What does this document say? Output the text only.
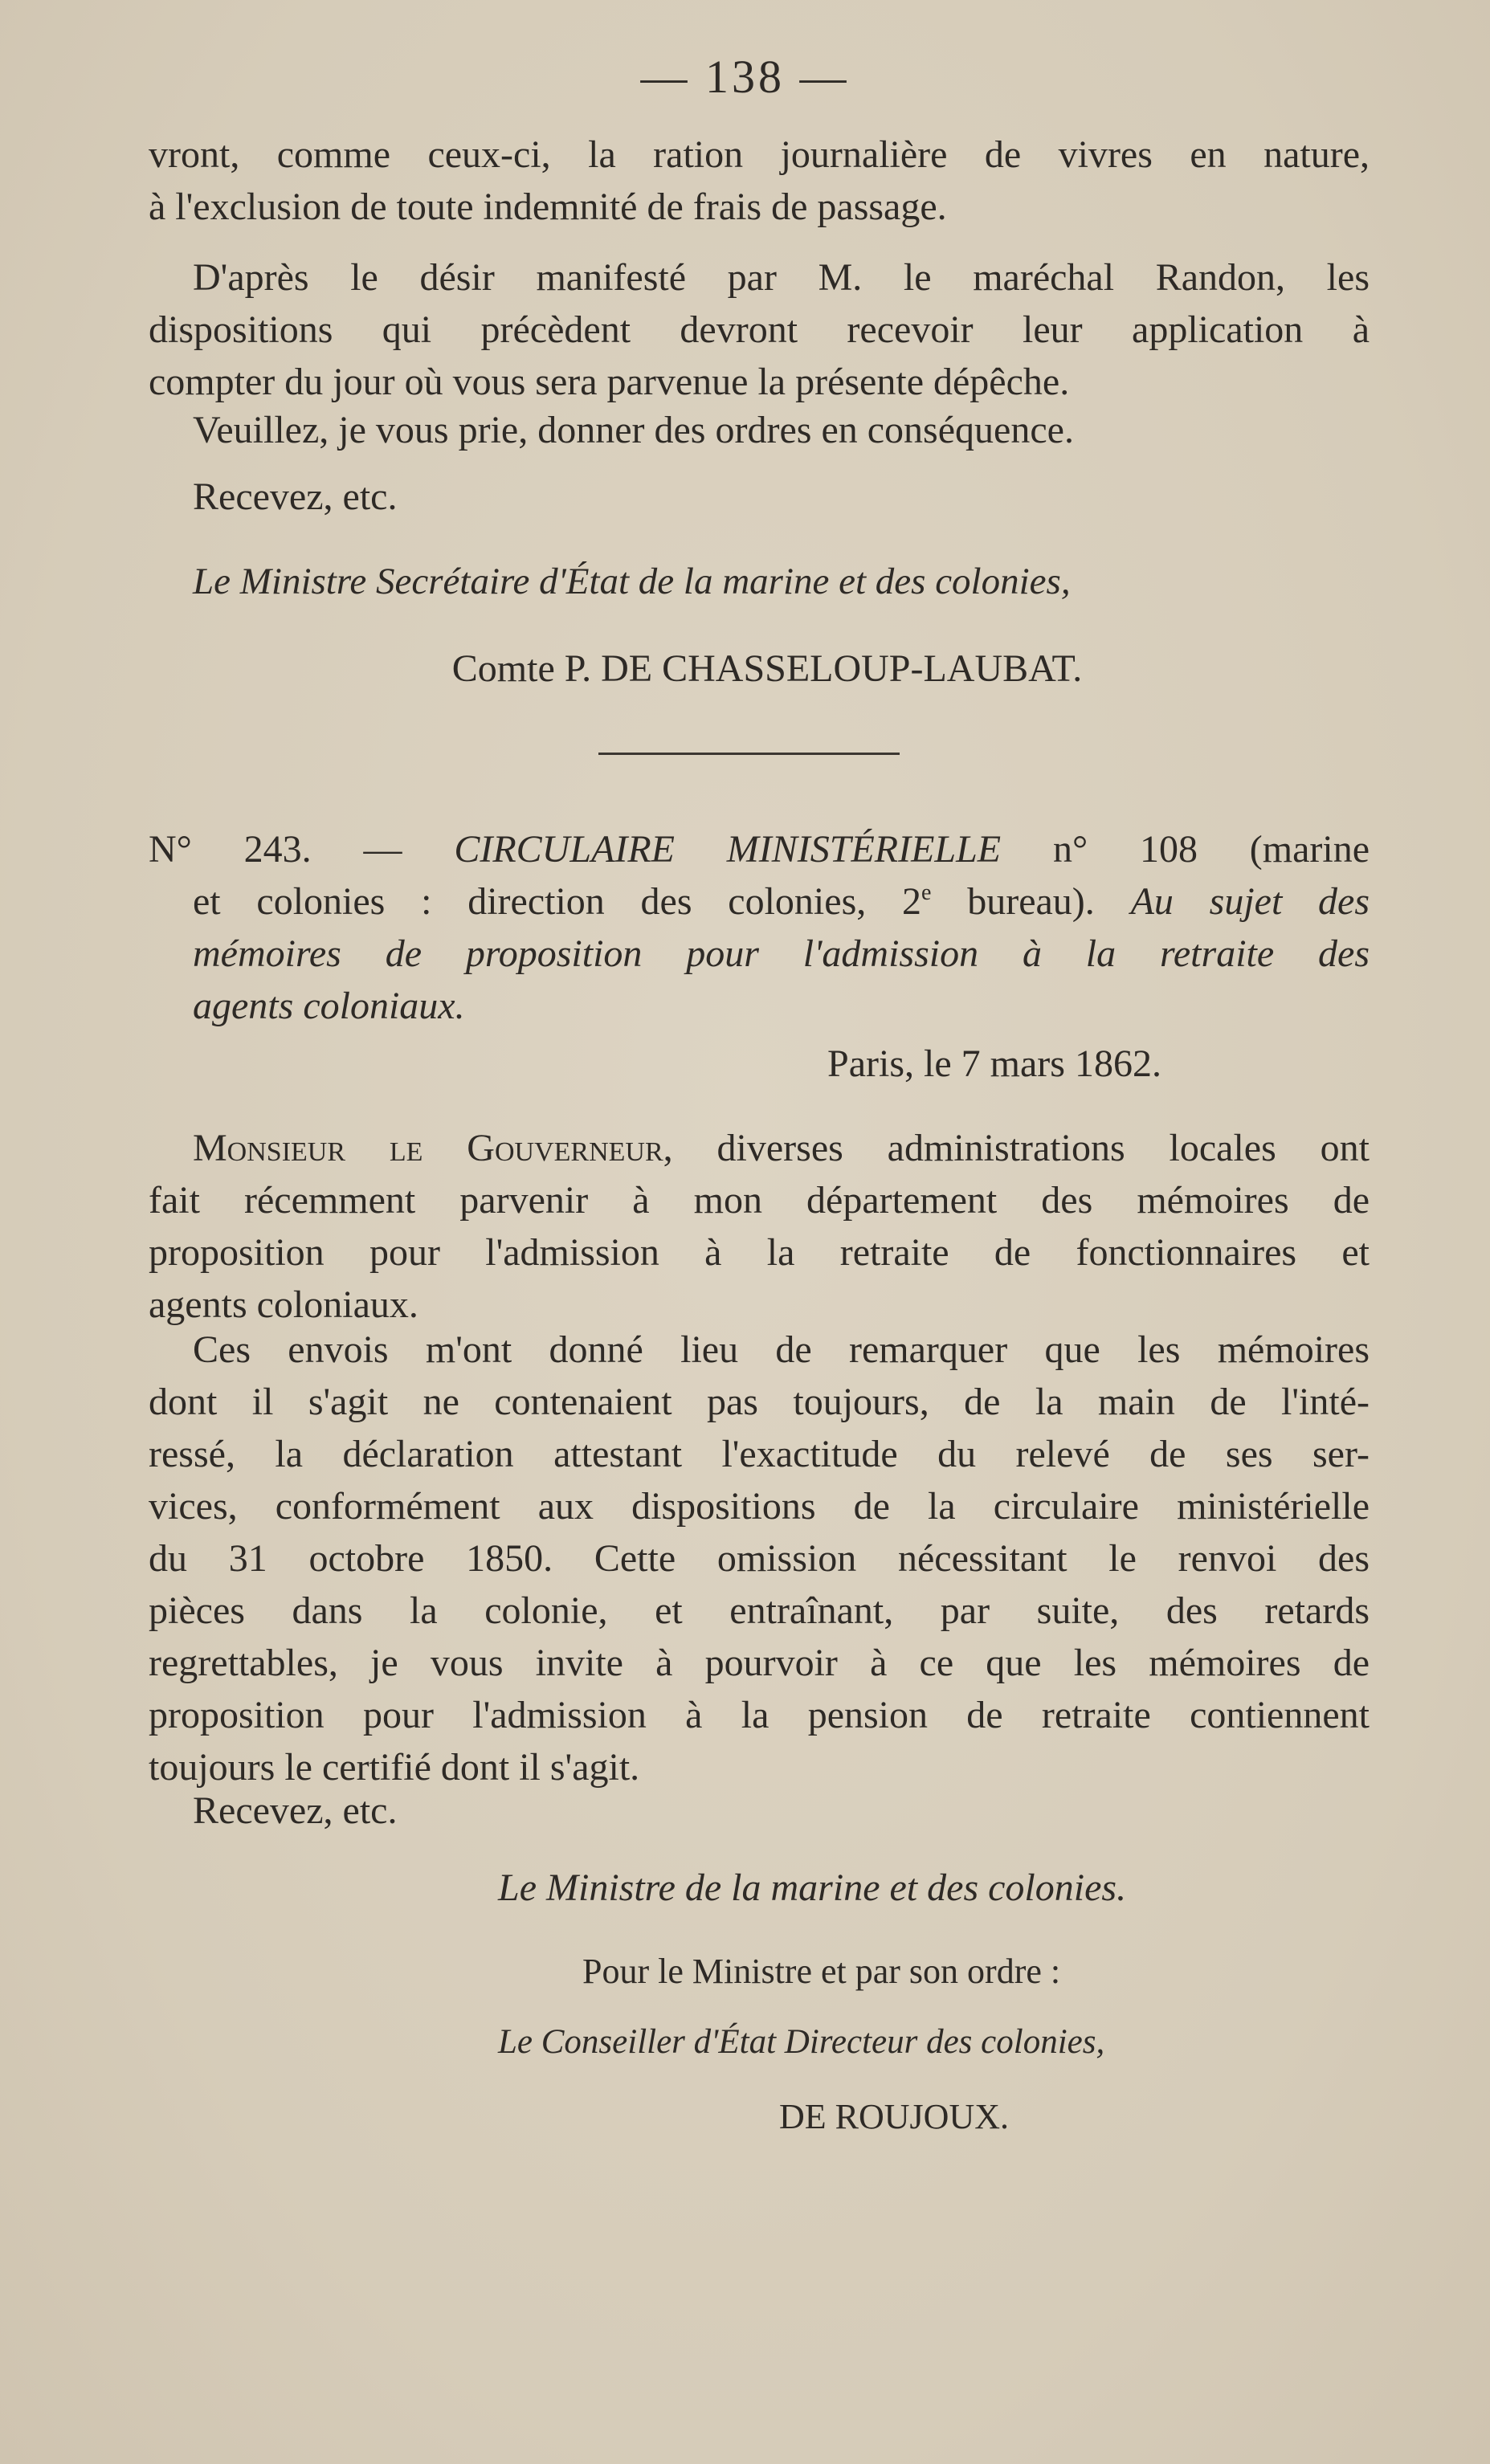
— 138 —
vront, comme ceux-ci, la ration journalière de vivres en nature,
à l'exclusion de toute indemnité de frais de passage.
D'après le désir manifesté par M. le maréchal Randon, les
dispositions qui précèdent devront recevoir leur application à
compter du jour où vous sera parvenue la présente dépêche.
Veuillez, je vous prie, donner des ordres en conséquence.
Recevez, etc.
Le Ministre Secrétaire d'État de la marine et des colonies,
Comte P. DE CHASSELOUP-LAUBAT.
N° 243. — CIRCULAIRE MINISTÉRIELLE n° 108 (marine
et colonies : direction des colonies, 2e bureau). Au sujet des
mémoires de proposition pour l'admission à la retraite des
agents coloniaux.
Paris, le 7 mars 1862.
Monsieur le Gouverneur, diverses administrations locales ont
fait récemment parvenir à mon département des mémoires de
proposition pour l'admission à la retraite de fonctionnaires et
agents coloniaux.
Ces envois m'ont donné lieu de remarquer que les mémoires
dont il s'agit ne contenaient pas toujours, de la main de l'inté-
ressé, la déclaration attestant l'exactitude du relevé de ses ser-
vices, conformément aux dispositions de la circulaire ministérielle
du 31 octobre 1850. Cette omission nécessitant le renvoi des
pièces dans la colonie, et entraînant, par suite, des retards
regrettables, je vous invite à pourvoir à ce que les mémoires de
proposition pour l'admission à la pension de retraite contiennent
toujours le certifié dont il s'agit.
Recevez, etc.
Le Ministre de la marine et des colonies.
Pour le Ministre et par son ordre :
Le Conseiller d'État Directeur des colonies,
DE ROUJOUX.
